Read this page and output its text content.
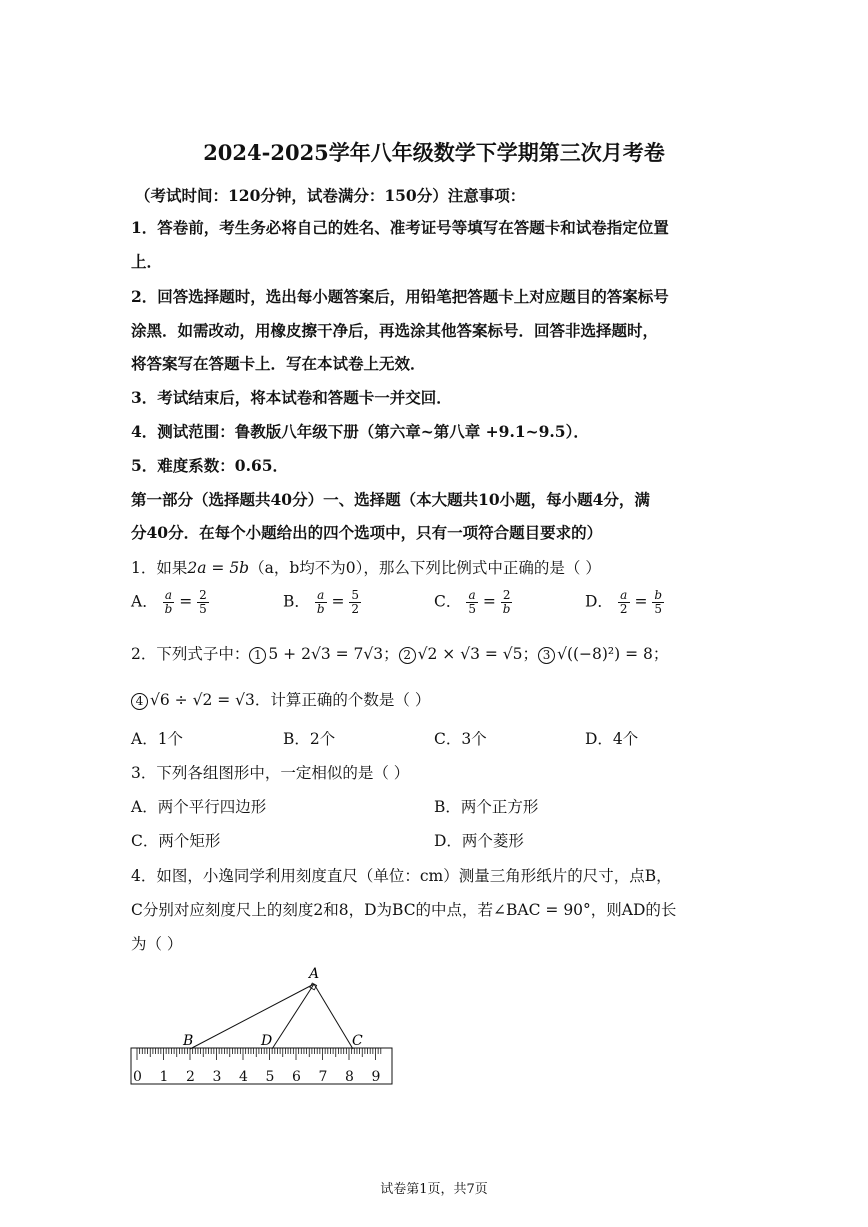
2024-2025学年八年级数学下学期第三次月考卷
（考试时间：120分钟，试卷满分：150分）注意事项：
1．答卷前，考生务必将自己的姓名、准考证号等填写在答题卡和试卷指定位置
上．
2．回答选择题时，选出每小题答案后，用铅笔把答题卡上对应题目的答案标号
涂黑．如需改动，用橡皮擦干净后，再选涂其他答案标号．回答非选择题时，
将答案写在答题卡上．写在本试卷上无效．
3．考试结束后，将本试卷和答题卡一并交回．
4．测试范围：鲁教版八年级下册（第六章~第八章 +9.1~9.5）．
5．难度系数：0.65．
第一部分（选择题共40分）一、选择题（本大题共10小题，每小题4分，满
分40分．在每个小题给出的四个选项中，只有一项符合题目要求的）
1．如果2a = 5b（a，b均不为0），那么下列比例式中正确的是（ ）
A． $\frac{a}{b} = \frac{2}{5}$	B． $\frac{a}{b} = \frac{5}{2}$	C． $\frac{a}{5} = \frac{2}{b}$	D． $\frac{a}{2} = \frac{b}{5}$
2．下列式子中： 1 5 + 2√3 = 7√3； 2 √2 × √3 = √5； 3 √((−8)²) = 8；
4 √6 ÷ √2 = √3．计算正确的个数是（ ）
A．1个	B．2个	C．3个	D．4个
3．下列各组图形中，一定相似的是（ ）
A．两个平行四边形	B．两个正方形
C．两个矩形	D．两个菱形
4．如图，小逸同学利用刻度直尺（单位：cm）测量三角形纸片的尺寸，点B，
C分别对应刻度尺上的刻度2和8，D为BC的中点，若∠BAC = 90°，则AD的长
为（ ）
0 1 2 3 4 5 6 7 8 9
A
B	D	C
试卷第1页，共7页
